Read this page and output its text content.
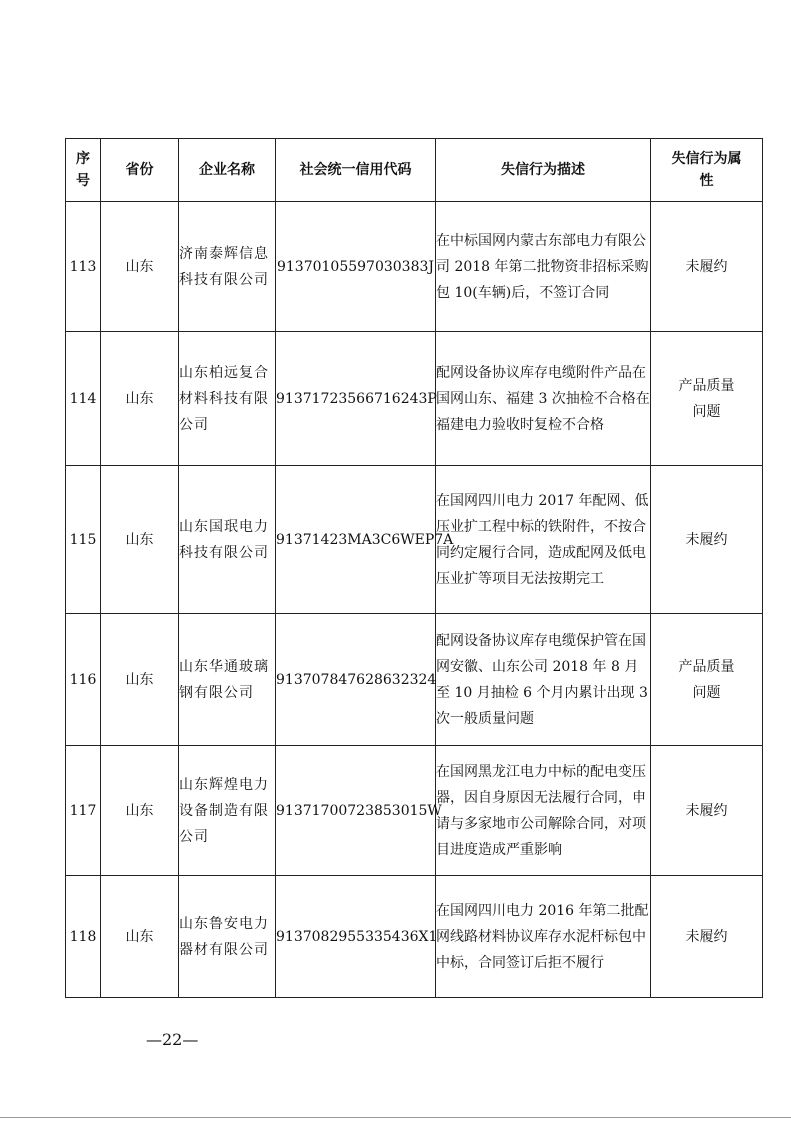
序号	省份	企业名称	社会统一信用代码	失信行为描述	失信行为属性

113	山东	济南泰辉信息科技有限公司	91370105597030383J	在中标国网内蒙古东部电力有限公司 2018 年第二批物资非招标采购包 10(车辆)后，不签订合同	未履约
114	山东	山东柏远复合材料科技有限公司	91371723566716243P	配网设备协议库存电缆附件产品在国网山东、福建 3 次抽检不合格在福建电力验收时复检不合格	产品质量问题

115	山东	山东国珉电力科技有限公司	91371423MA3C6WEP7A	在国网四川电力 2017 年配网、低压业扩工程中标的铁附件，不按合同约定履行合同，造成配网及低电压业扩等项目无法按期完工	未履约
116	山东	山东华通玻璃钢有限公司	913707847628632324	配网设备协议库存电缆保护管在国网安徽、山东公司 2018 年 8 月至 10 月抽检 6 个月内累计出现 3 次一般质量问题	产品质量问题

117	山东	山东辉煌电力设备制造有限公司	91371700723853015W	在国网黑龙江电力中标的配电变压器，因自身原因无法履行合同，申请与多家地市公司解除合同，对项目进度造成严重影响	未履约
118	山东	山东鲁安电力器材有限公司	9137082955335436X1	在国网四川电力 2016 年第二批配网线路材料协议库存水泥杆标包中中标，合同签订后拒不履行	未履约
—22—
